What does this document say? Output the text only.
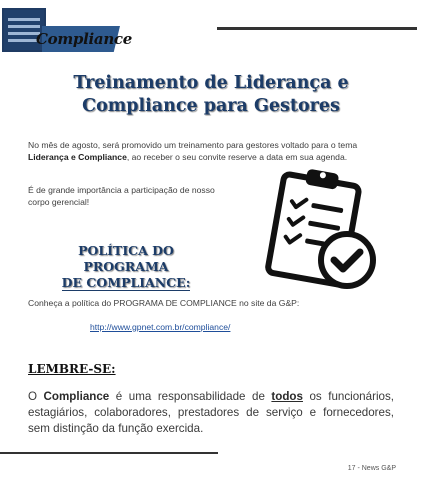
Compliance
Treinamento de Liderança e
Compliance para Gestores

No mês de agosto, será promovido um treinamento para gestores voltado para o tema Liderança e Compliance, ao receber o seu convite reserve a data em sua agenda.

É de grande importância a participação de nosso corpo gerencial!

POLÍTICA DO PROGRAMA
DE COMPLIANCE:

Conheça a política do PROGRAMA DE COMPLIANCE no site da G&P:

http://www.gpnet.com.br/compliance/
LEMBRE-SE:

O Compliance é uma responsabilidade de todos os funcionários, estagiários, colaboradores, prestadores de serviço e fornecedores, sem distinção da função exercida.

17 - News G&P
